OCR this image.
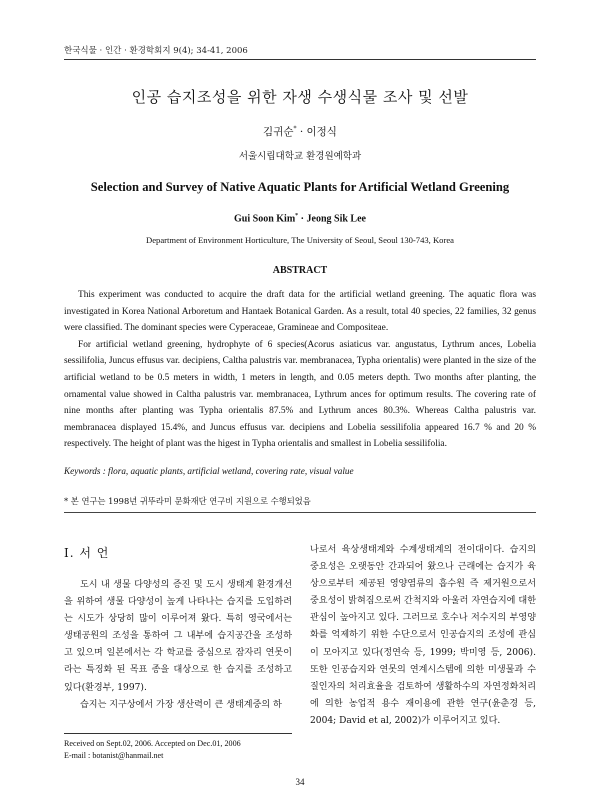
한국식물 · 인간 · 환경학회지 9(4); 34-41, 2006
인공 습지조성을 위한 자생 수생식물 조사 및 선발
김귀순* · 이정식
서울시립대학교 환경원예학과
Selection and Survey of Native Aquatic Plants for Artificial Wetland Greening
Gui Soon Kim* · Jeong Sik Lee
Department of Environment Horticulture, The University of Seoul, Seoul 130-743, Korea
ABSTRACT

This experiment was conducted to acquire the draft data for the artificial wetland greening. The aquatic flora was investigated in Korea National Arboretum and Hantaek Botanical Garden. As a result, total 40 species, 22 families, 32 genus were classified. The dominant species were Cyperaceae, Gramineae and Compositeae.

For artificial wetland greening, hydrophyte of 6 species(Acorus asiaticus var. angustatus, Lythrum ances, Lobelia sessilifolia, Juncus effusus var. decipiens, Caltha palustris var. membranacea, Typha orientalis) were planted in the size of the artificial wetland to be 0.5 meters in width, 1 meters in length, and 0.05 meters depth. Two months after planting, the ornamental value showed in Caltha palustris var. membranacea, Lythrum ances for optimum results. The covering rate of nine months after planting was Typha orientalis 87.5% and Lythrum ances 80.3%. Whereas Caltha palustris var. membranacea displayed 15.4%, and Juncus effusus var. decipiens and Lobelia sessilifolia appeared 16.7 % and 20 % respectively. The height of plant was the higest in Typha orientalis and smallest in Lobelia sessilifolia.

Keywords : flora, aquatic plants, artificial wetland, covering rate, visual value
* 본 연구는 1998년 귀뚜라미 문화재단 연구비 지원으로 수행되었음
Ⅰ. 서 언

도시 내 생물 다양성의 증진 및 도시 생태계 환경개선을 위하여 생물 다양성이 높게 나타나는 습지를 도입하려는 시도가 상당히 많이 이루어져 왔다. 특히 영국에서는 생태공원의 조성을 통하여 그 내부에 습지공간을 조성하고 있으며 일본에서는 각 학교를 중심으로 잠자리 연못이라는 특징화 된 목표 종을 대상으로 한 습지를 조성하고 있다(환경부, 1997).

습지는 지구상에서 가장 생산력이 큰 생태계중의 하

나로서 육상생태계와 수계생태계의 전이대이다. 습지의 중요성은 오랫동안 간과되어 왔으나 근래에는 습지가 육상으로부터 제공된 영양염류의 흡수원 즉 제거원으로서 중요성이 밝혀짐으로써 간척지와 아울러 자연습지에 대한 관심이 높아지고 있다. 그러므로 호수나 저수지의 부영양화를 억제하기 위한 수단으로서 인공습지의 조성에 관심이 모아지고 있다(정연숙 등, 1999; 박미영 등, 2006). 또한 인공습지와 연못의 연계시스템에 의한 미생물과 수질인자의 처리효율을 검토하여 생활하수의 자연정화처리에 의한 농업적 용수 재이용에 관한 연구(윤춘경 등, 2004; David et al, 2002)가 이루어지고 있다.

Received on Sept.02, 2006. Accepted on Dec.01, 2006
E-mail : botanist@hanmail.net
34
